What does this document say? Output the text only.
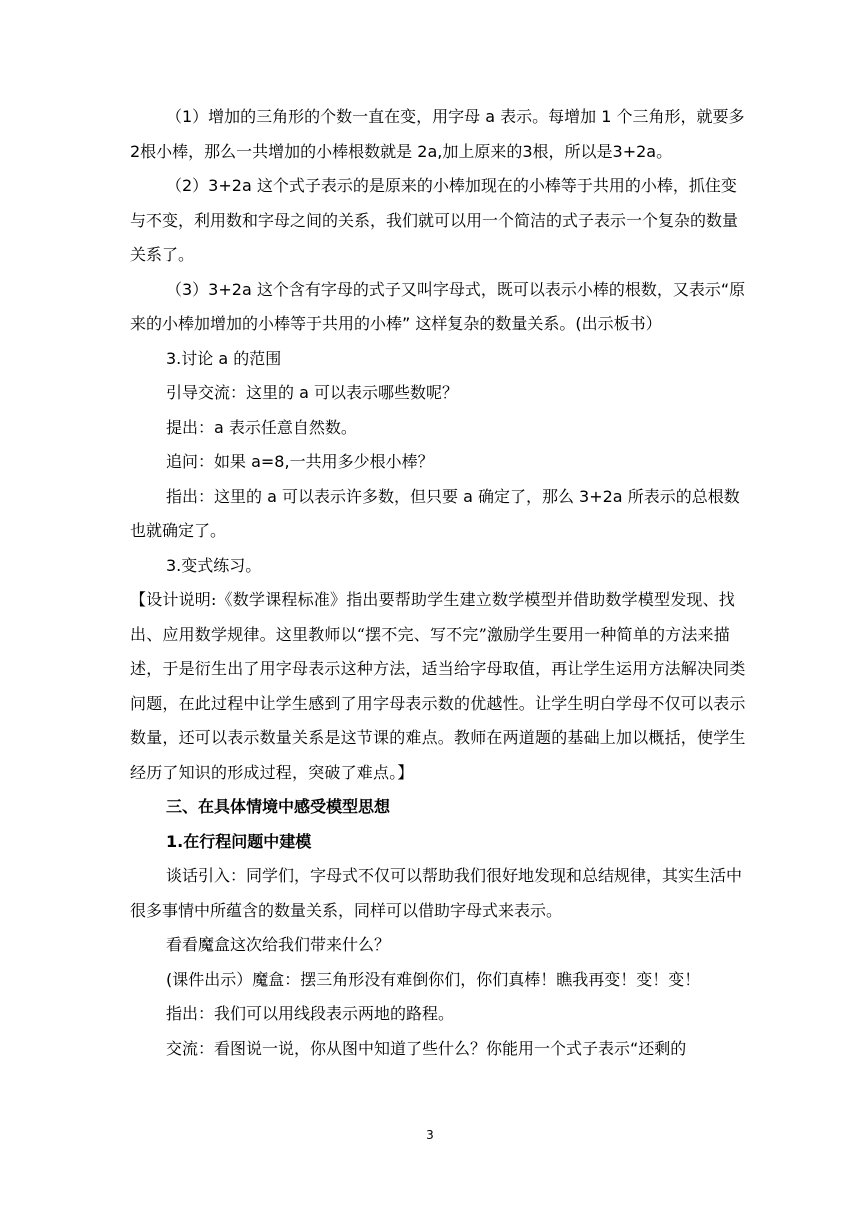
（1）增加的三角形的个数一直在变，用字母 a 表示。每增加 1 个三角形，就要多2根小棒，那么一共增加的小棒根数就是 2a,加上原来的3根，所以是3+2a。

（2）3+2a 这个式子表示的是原来的小棒加现在的小棒等于共用的小棒，抓住变与不变，利用数和字母之间的关系，我们就可以用一个简洁的式子表示一个复杂的数量关系了。

（3）3+2a 这个含有字母的式子又叫字母式，既可以表示小棒的根数，又表示“原来的小棒加增加的小棒等于共用的小棒” 这样复杂的数量关系。(出示板书）

3.讨论 a 的范围

引导交流：这里的 a 可以表示哪些数呢？

提出：a 表示任意自然数。

追问：如果 a=8,一共用多少根小棒？

指出：这里的 a 可以表示许多数，但只要 a 确定了，那么 3+2a 所表示的总根数也就确定了。

3.变式练习。

【设计说明:《数学课程标准》指出要帮助学生建立数学模型并借助数学模型发现、找出、应用数学规律。这里教师以“摆不完、写不完”激励学生要用一种简单的方法来描述，于是衍生出了用字母表示这种方法，适当给字母取值，再让学生运用方法解决同类问题，在此过程中让学生感到了用字母表示数的优越性。让学生明白学母不仅可以表示数量，还可以表示数量关系是这节课的难点。教师在两道题的基础上加以概括，使学生经历了知识的形成过程，突破了难点。】

三、在具体情境中感受模型思想

1.在行程问题中建模

谈话引入：同学们，字母式不仅可以帮助我们很好地发现和总结规律，其实生活中很多事情中所蕴含的数量关系，同样可以借助字母式来表示。

看看魔盒这次给我们带来什么？

(课件出示）魔盒：摆三角形没有难倒你们，你们真棒！瞧我再变！变！变！

指出：我们可以用线段表示两地的路程。

交流：看图说一说，你从图中知道了些什么？你能用一个式子表示“还剩的

3
